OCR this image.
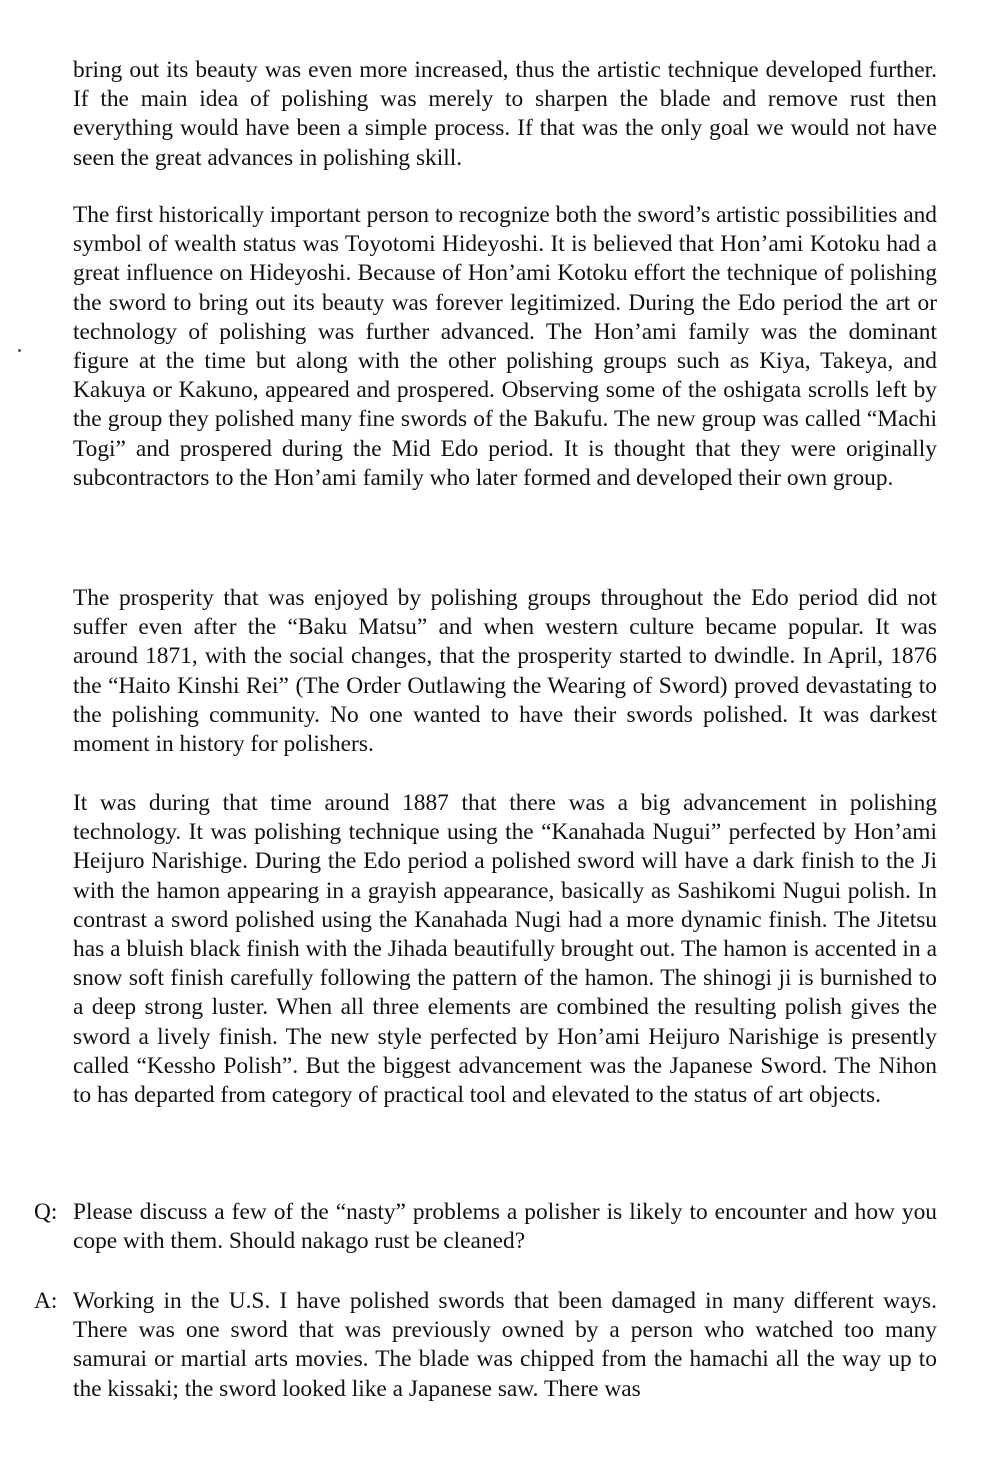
bring out its beauty was even more increased, thus the artistic technique developed further. If the main idea of polishing was merely to sharpen the blade and remove rust then everything would have been a simple process. If that was the only goal we would not have seen the great advances in polishing skill.

The first historically important person to recognize both the sword’s artistic possibilities and symbol of wealth status was Toyotomi Hideyoshi. It is believed that Hon’ami Kotoku had a great influence on Hideyoshi. Because of Hon’ami Kotoku effort the technique of polishing the sword to bring out its beauty was forever legitimized. During the Edo period the art or technology of polishing was further advanced. The Hon’ami family was the dominant figure at the time but along with the other polishing groups such as Kiya, Takeya, and Kakuya or Kakuno, appeared and prospered. Observing some of the oshigata scrolls left by the group they polished many fine swords of the Bakufu. The new group was called “Machi Togi” and prospered during the Mid Edo period. It is thought that they were originally subcontractors to the Hon’ami family who later formed and developed their own group.

The prosperity that was enjoyed by polishing groups throughout the Edo period did not suffer even after the “Baku Matsu” and when western culture became popular. It was around 1871, with the social changes, that the prosperity started to dwindle. In April, 1876 the “Haito Kinshi Rei” (The Order Outlawing the Wearing of Sword) proved devastating to the polishing community. No one wanted to have their swords polished. It was darkest moment in history for polishers.

It was during that time around 1887 that there was a big advancement in polishing technology. It was polishing technique using the “Kanahada Nugui” perfected by Hon’ami Heijuro Narishige. During the Edo period a polished sword will have a dark finish to the Ji with the hamon appearing in a grayish appearance, basically as Sashikomi Nugui polish. In contrast a sword polished using the Kanahada Nugi had a more dynamic finish. The Jitetsu has a bluish black finish with the Jihada beautifully brought out. The hamon is accented in a snow soft finish carefully following the pattern of the hamon. The shinogi ji is burnished to a deep strong luster. When all three elements are combined the resulting polish gives the sword a lively finish. The new style perfected by Hon’ami Heijuro Narishige is presently called “Kessho Polish”. But the biggest advancement was the Japanese Sword. The Nihon to has departed from category of practical tool and elevated to the status of art objects.

Q: Please discuss a few of the “nasty” problems a polisher is likely to encounter and how you cope with them. Should nakago rust be cleaned?

A: Working in the U.S. I have polished swords that been damaged in many different ways. There was one sword that was previously owned by a person who watched too many samurai or martial arts movies. The blade was chipped from the hamachi all the way up to the kissaki; the sword looked like a Japanese saw. There was
